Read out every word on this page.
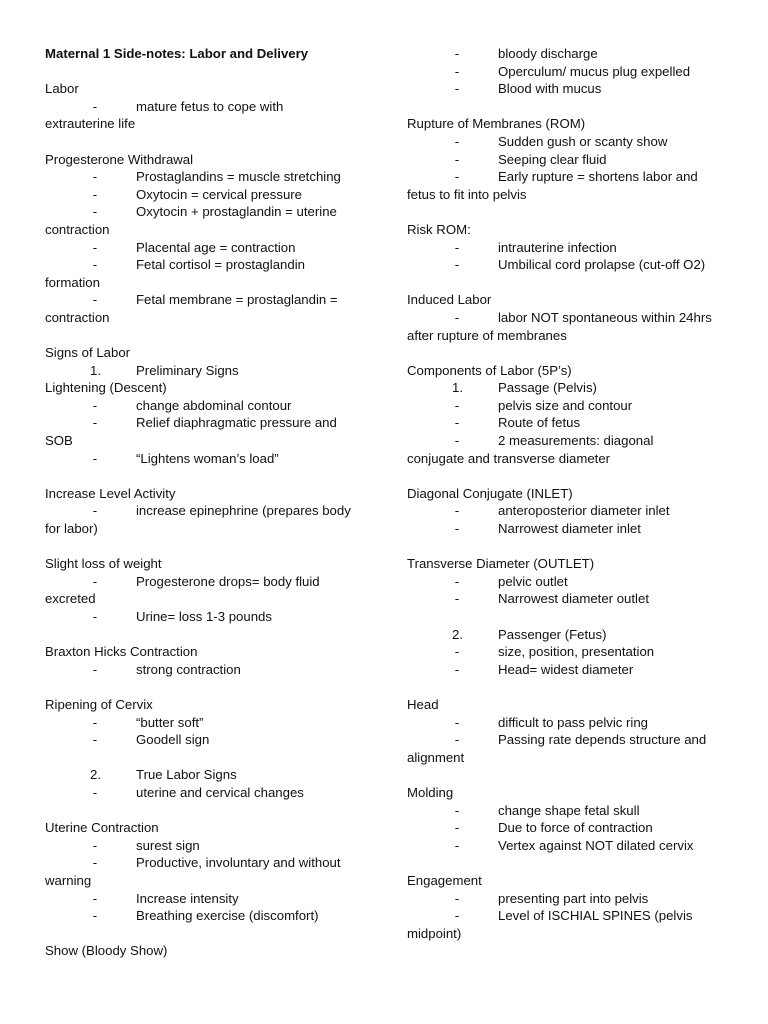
Maternal 1 Side-notes: Labor and Delivery
Labor
-	mature fetus to cope with
extrauterine life
Progesterone Withdrawal
-	Prostaglandins = muscle stretching
-	Oxytocin = cervical pressure
-	Oxytocin + prostaglandin = uterine
contraction
-	Placental age = contraction
-	Fetal cortisol = prostaglandin
formation
-	Fetal membrane = prostaglandin =
contraction
Signs of Labor
1.	Preliminary Signs
Lightening (Descent)
-	change abdominal contour
-	Relief diaphragmatic pressure and
SOB
-	“Lightens woman’s load”
Increase Level Activity
-	increase epinephrine (prepares body
for labor)
Slight loss of weight
-	Progesterone drops= body fluid
excreted
-	Urine= loss 1-3 pounds
Braxton Hicks Contraction
-	strong contraction
Ripening of Cervix
-	“butter soft”
-	Goodell sign
2.	True Labor Signs
-	uterine and cervical changes
Uterine Contraction
-	surest sign
-	Productive, involuntary and without
warning
-	Increase intensity
-	Breathing exercise (discomfort)
Show (Bloody Show)
-	bloody discharge
-	Operculum/ mucus plug expelled
-	Blood with mucus
Rupture of Membranes (ROM)
-	Sudden gush or scanty show
-	Seeping clear fluid
-	Early rupture = shortens labor and
fetus to fit into pelvis
Risk ROM:
-	intrauterine infection
-	Umbilical cord prolapse (cut-off O2)
Induced Labor
-	labor NOT spontaneous within 24hrs
after rupture of membranes
Components of Labor (5P’s)
1.	Passage (Pelvis)
-	pelvis size and contour
-	Route of fetus
-	2 measurements: diagonal
conjugate and transverse diameter
Diagonal Conjugate (INLET)
-	anteroposterior diameter inlet
-	Narrowest diameter inlet
Transverse Diameter (OUTLET)
-	pelvic outlet
-	Narrowest diameter outlet
2.	Passenger (Fetus)
-	size, position, presentation
-	Head= widest diameter
Head
-	difficult to pass pelvic ring
-	Passing rate depends structure and
alignment
Molding
-	change shape fetal skull
-	Due to force of contraction
-	Vertex against NOT dilated cervix
Engagement
-	presenting part into pelvis
-	Level of ISCHIAL SPINES (pelvis
midpoint)
